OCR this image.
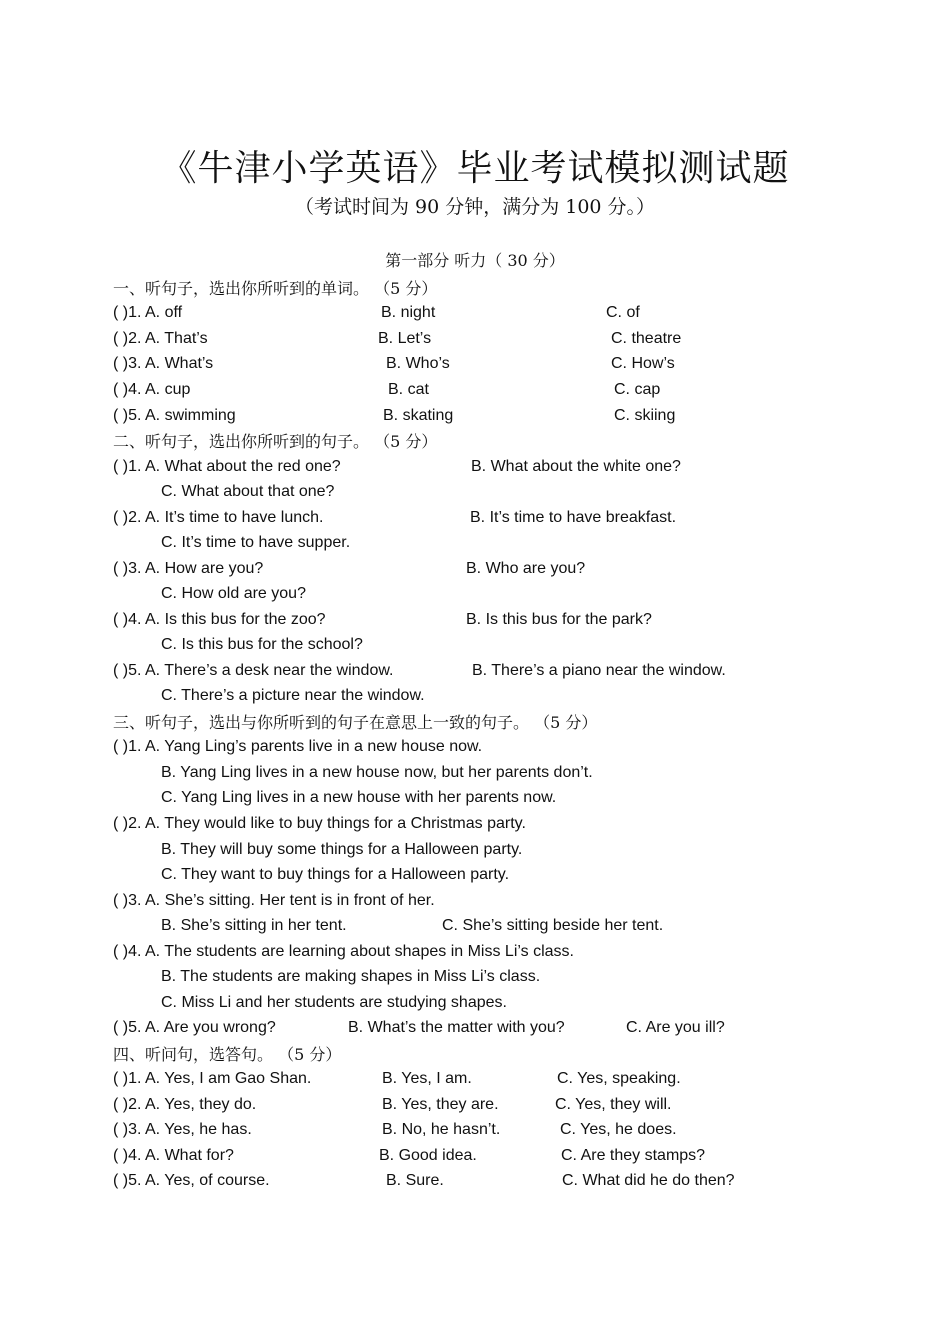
《牛津小学英语》毕业考试模拟测试题
（考试时间为 90 分钟，满分为 100 分。）
第一部分 听力（ 30 分）
一、听句子，选出你所听到的单词。 （5 分）
( )1. A. off	B. night	C. of
( )2. A. That’s	B. Let’s	C. theatre
( )3. A. What’s	B. Who’s	C. How’s
( )4. A. cup	B. cat	C. cap
( )5. A. swimming	B. skating	C. skiing
二、听句子，选出你所听到的句子。 （5 分）
( )1. A. What about the red one?	B. What about the white one?
C. What about that one?
( )2. A. It’s time to have lunch.	B. It’s time to have breakfast.
C. It’s time to have supper.
( )3. A. How are you?	B. Who are you?
C. How old are you?
( )4. A. Is this bus for the zoo?	B. Is this bus for the park?
C. Is this bus for the school?
( )5. A. There’s a desk near the window.	B. There’s a piano near the window.
C. There’s a picture near the window.
三、听句子，选出与你所听到的句子在意思上一致的句子。 （5 分）
( )1. A. Yang Ling’s parents live in a new house now.
B. Yang Ling lives in a new house now, but her parents don’t.
C. Yang Ling lives in a new house with her parents now.
( )2. A. They would like to buy things for a Christmas party.
B. They will buy some things for a Halloween party.
C. They want to buy things for a Halloween party.
( )3. A. She’s sitting. Her tent is in front of her.
B. She’s sitting in her tent.	C. She’s sitting beside her tent.
( )4. A. The students are learning about shapes in Miss Li’s class.
B. The students are making shapes in Miss Li’s class.
C. Miss Li and her students are studying shapes.
( )5. A. Are you wrong?	B. What’s the matter with you?	C. Are you ill?
四、听问句，选答句。 （5 分）
( )1. A. Yes, I am Gao Shan.	B. Yes, I am.	C. Yes, speaking.
( )2. A. Yes, they do.	B. Yes, they are.	C. Yes, they will.
( )3. A. Yes, he has.	B. No, he hasn’t.	C. Yes, he does.
( )4. A. What for?	B. Good idea.	C. Are they stamps?
( )5. A. Yes, of course.	B. Sure.	C. What did he do then?
